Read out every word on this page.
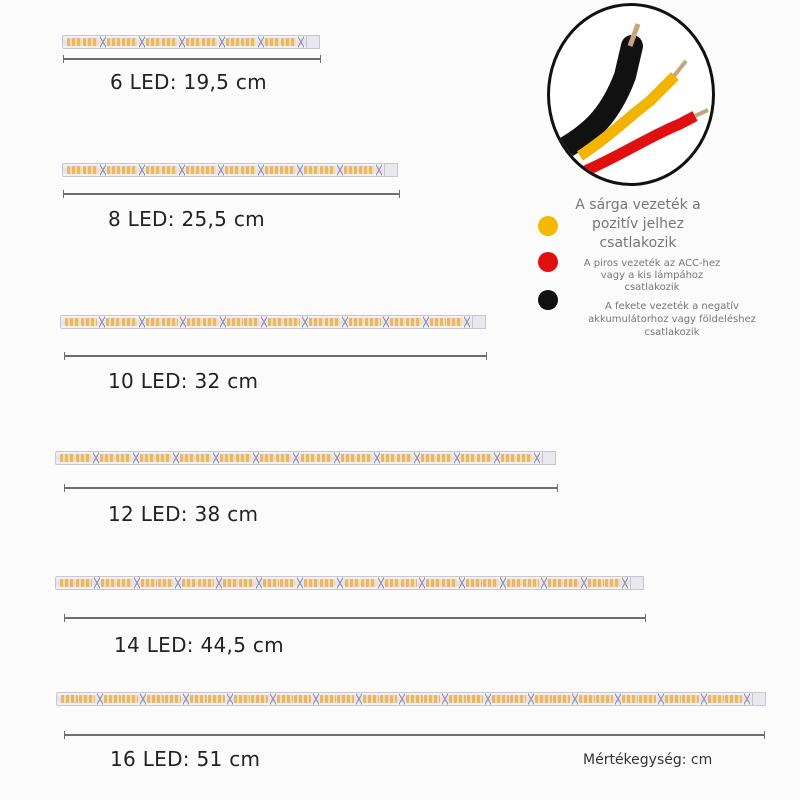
6 LED: 19,5 cm
8 LED: 25,5 cm
10 LED: 32 cm
12 LED: 38 cm
14 LED: 44,5 cm
16 LED: 51 cm
A sárga vezeték a
pozitív jelhez
csatlakozik
A piros vezeték az ACC-hez
vagy a kis lámpához
csatlakozik
A fekete vezeték a negatív
akkumulátorhoz vagy földeléshez
csatlakozik
Mértékegység: cm
